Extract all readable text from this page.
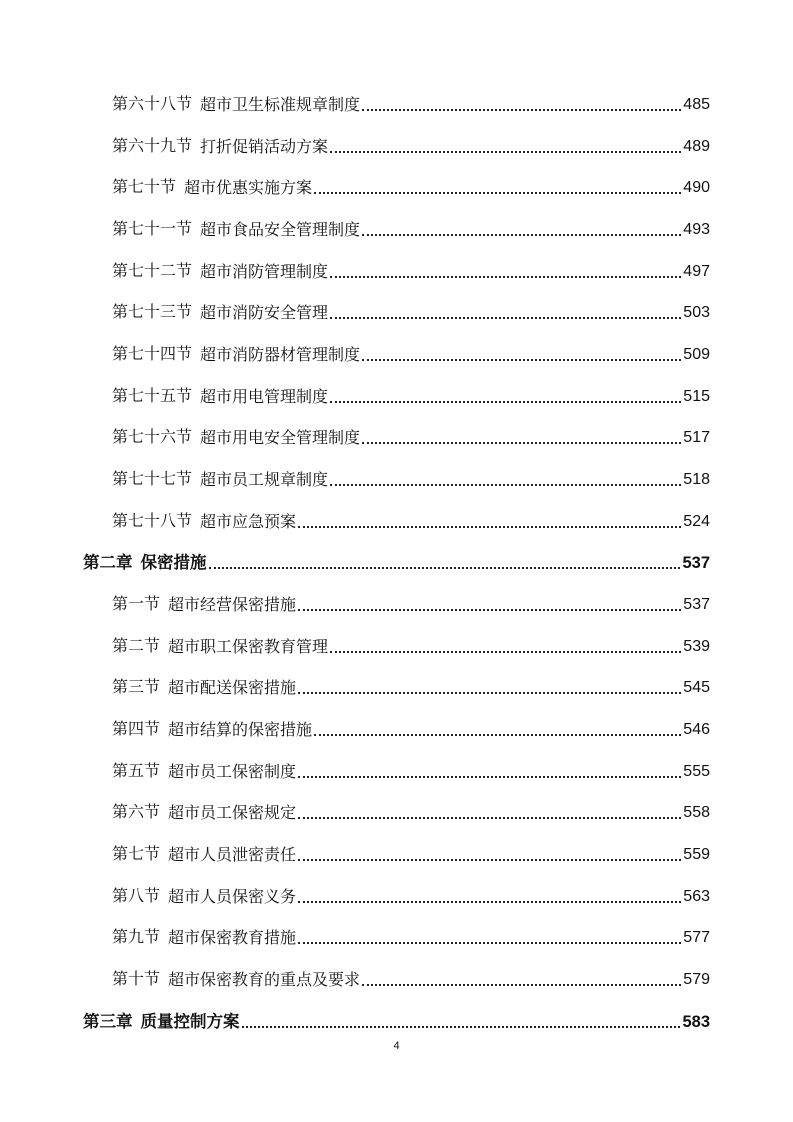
第六十八节 超市卫生标准规章制度	485
第六十九节 打折促销活动方案	489
第七十节 超市优惠实施方案	490
第七十一节 超市食品安全管理制度	493
第七十二节 超市消防管理制度	497
第七十三节 超市消防安全管理	503
第七十四节 超市消防器材管理制度	509
第七十五节 超市用电管理制度	515
第七十六节 超市用电安全管理制度	517
第七十七节 超市员工规章制度	518
第七十八节 超市应急预案	524
第二章 保密措施	537
第一节 超市经营保密措施	537
第二节 超市职工保密教育管理	539
第三节 超市配送保密措施	545
第四节 超市结算的保密措施	546
第五节 超市员工保密制度	555
第六节 超市员工保密规定	558
第七节 超市人员泄密责任	559
第八节 超市人员保密义务	563
第九节 超市保密教育措施	577
第十节 超市保密教育的重点及要求	579
第三章 质量控制方案	583
4
